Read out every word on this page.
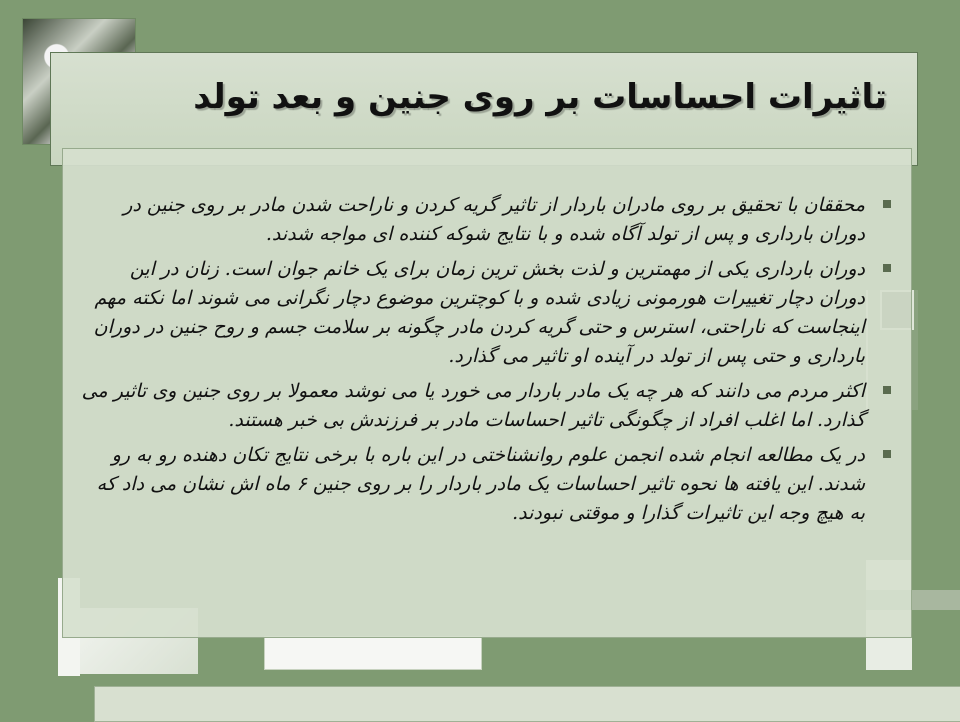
تاثیرات احساسات بر روی جنین و بعد تولد
محققان با تحقیق بر روی مادران باردار از تاثیر گریه کردن و ناراحت شدن مادر بر روی جنین در دوران بارداری و پس از تولد آگاه شده و با نتایج شوکه کننده ای مواجه شدند.
دوران بارداری یکی از مهمترین و لذت بخش ترین زمان برای یک خانم جوان است. زنان در این دوران دچار تغییرات هورمونی زیادی شده و با کوچترین موضوع دچار نگرانی می شوند اما نکته مهم اینجاست که ناراحتی، استرس و حتی گریه کردن مادر چگونه بر سلامت جسم و روح جنین در دوران بارداری و حتی پس از تولد در آینده او تاثیر می گذارد.
اکثر مردم می دانند که هر چه یک مادر باردار می خورد یا می نوشد معمولا بر روی جنین وی تاثیر می گذارد. اما اغلب افراد از چگونگی تاثیر احساسات مادر بر فرزندش بی خبر هستند.
در یک مطالعه انجام شده انجمن علوم روانشناختی در این باره با برخی نتایج تکان دهنده رو به رو شدند. این یافته ها نحوه تاثیر احساسات یک مادر باردار را بر روی جنین ۶ ماه اش نشان می داد که به هیچ وجه این تاثیرات گذارا و موقتی نبودند.
